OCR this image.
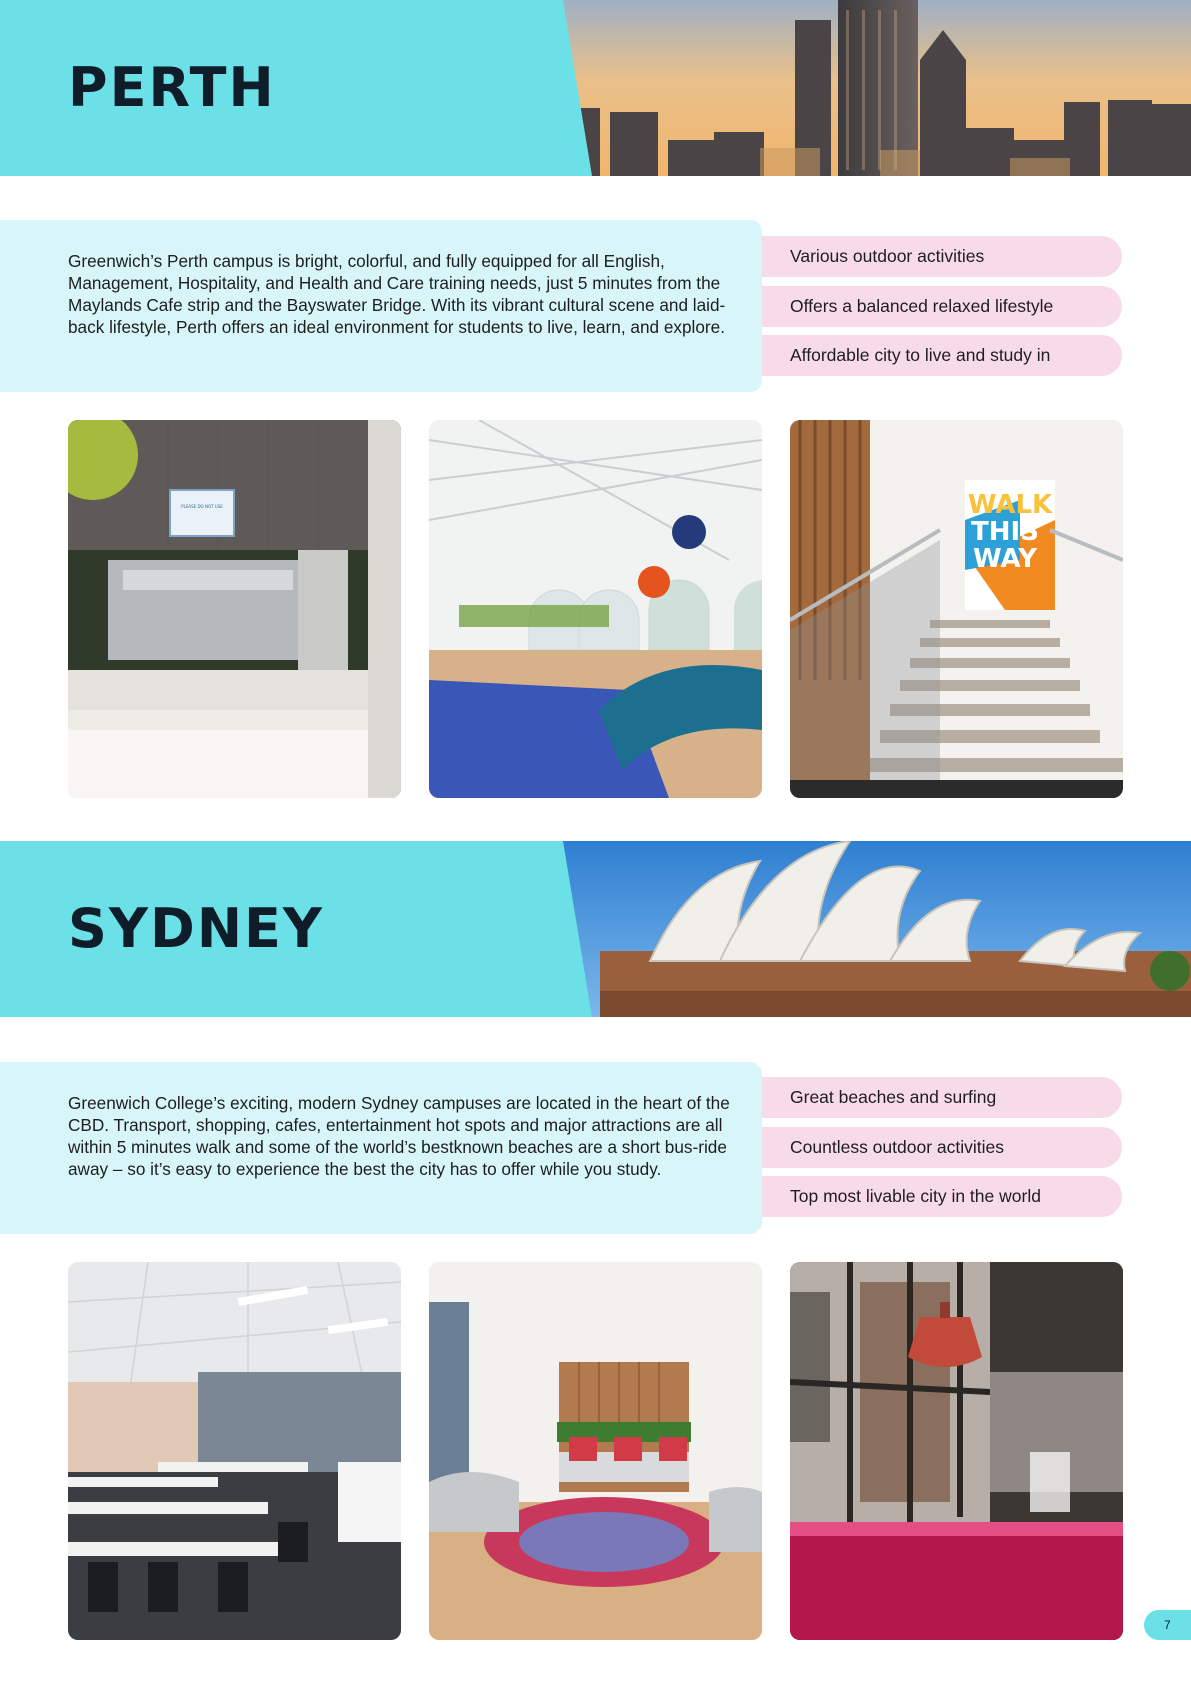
PERTH
Greenwich’s Perth campus is bright, colorful, and fully equipped for all English, Management, Hospitality, and Health and Care training needs, just 5 minutes from the Maylands Cafe strip and the Bayswater Bridge. With its vibrant cultural scene and laid-back lifestyle, Perth offers an ideal environment for students to live, learn, and explore.
Various outdoor activities
Offers a balanced relaxed lifestyle
Affordable city to live and study in
PLEASE DO NOT USE	WALK
THIS
WAY
SYDNEY
Greenwich College’s exciting, modern Sydney campuses are located in the heart of the CBD. Transport, shopping, cafes, entertainment hot spots and major attractions are all within 5 minutes walk and some of the world’s bestknown beaches are a short bus-ride away – so it’s easy to experience the best the city has to offer while you study.
Great beaches and surfing
Countless outdoor activities
Top most livable city in the world
7
